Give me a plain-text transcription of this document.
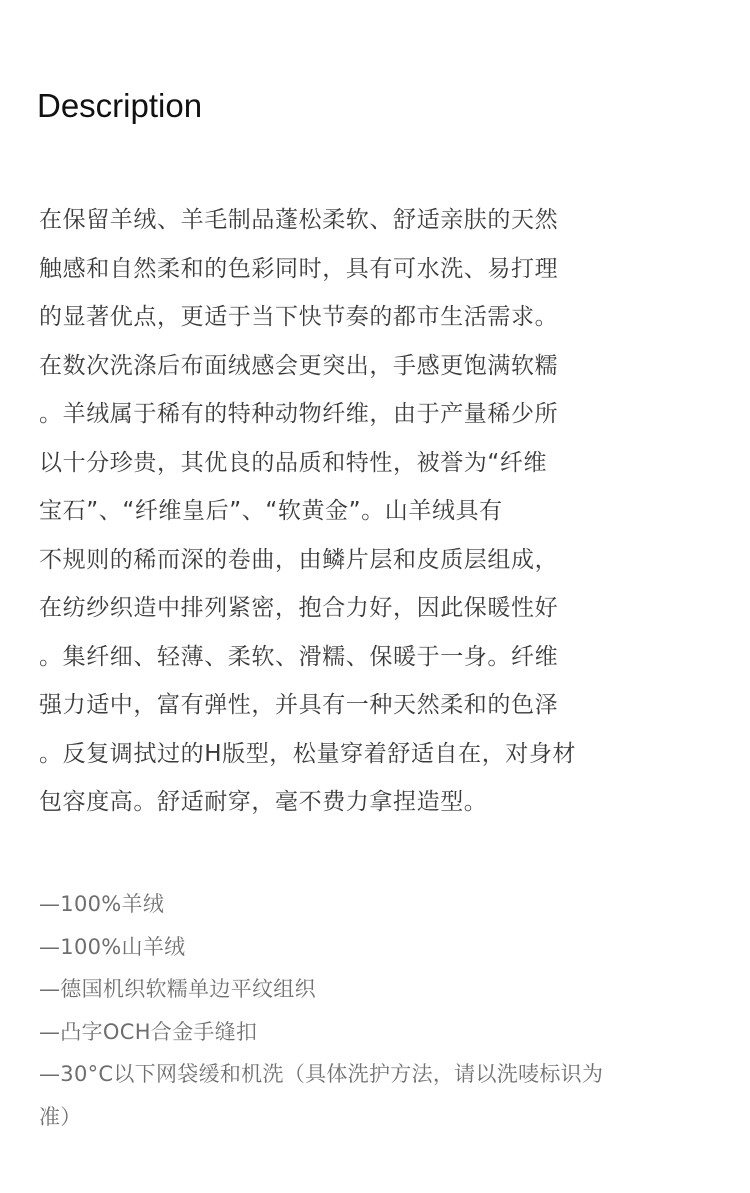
Description
在保留羊绒、羊毛制品蓬松柔软、舒适亲肤的天然
触感和自然柔和的色彩同时，具有可水洗、易打理
的显著优点，更适于当下快节奏的都市生活需求。
在数次洗涤后布面绒感会更突出，手感更饱满软糯
。羊绒属于稀有的特种动物纤维，由于产量稀少所
以十分珍贵，其优良的品质和特性，被誉为“纤维
宝石”、“纤维皇后”、“软黄金”。山羊绒具有
不规则的稀而深的卷曲，由鳞片层和皮质层组成，
在纺纱织造中排列紧密，抱合力好，因此保暖性好
。集纤细、轻薄、柔软、滑糯、保暖于一身。纤维
强力适中，富有弹性，并具有一种天然柔和的色泽
。反复调拭过的H版型，松量穿着舒适自在，对身材
包容度高。舒适耐穿，毫不费力拿捏造型。
—100%羊绒
—100%山羊绒
—德国机织软糯单边平纹组织
—凸字OCH合金手缝扣
—30°C以下网袋缓和机洗（具体洗护方法，请以洗唛标识为
准）
